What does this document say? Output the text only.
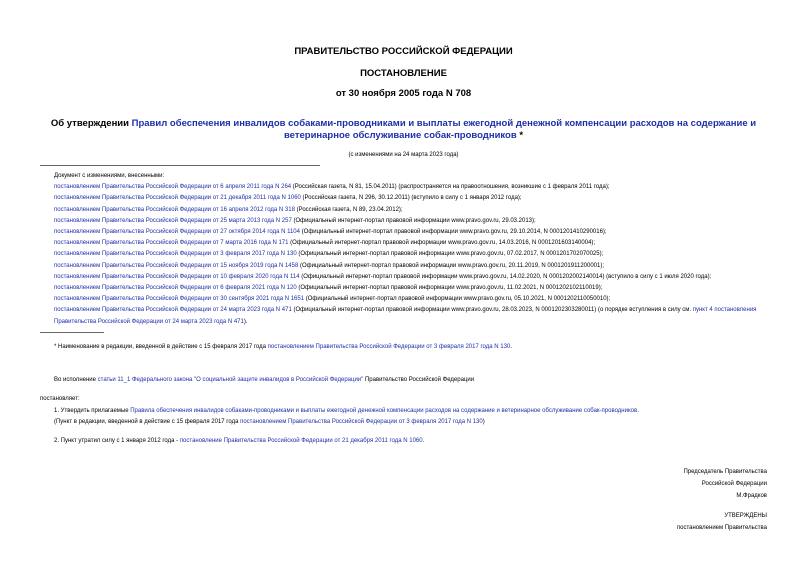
ПРАВИТЕЛЬСТВО РОССИЙСКОЙ ФЕДЕРАЦИИ
ПОСТАНОВЛЕНИЕ
от 30 ноября 2005 года N 708
Об утверждении Правил обеспечения инвалидов собаками-проводниками и выплаты ежегодной денежной компенсации расходов на содержание и ветеринарное обслуживание собак-проводников *
(с изменениями на 24 марта 2023 года)
Документ с изменениями, внесенными:
постановлением Правительства Российской Федерации от 6 апреля 2011 года N 264 (Российская газета, N 81, 15.04.2011) (распространяется на правоотношения, возникшие с 1 февраля 2011 года);
постановлением Правительства Российской Федерации от 21 декабря 2011 года N 1060 (Российская газета, N 296, 30.12.2011) (вступило в силу с 1 января 2012 года);
постановлением Правительства Российской Федерации от 16 апреля 2012 года N 318 (Российская газета, N 89, 23.04.2012);
постановлением Правительства Российской Федерации от 25 марта 2013 года N 257 (Официальный интернет-портал правовой информации www.pravo.gov.ru, 29.03.2013);
постановлением Правительства Российской Федерации от 27 октября 2014 года N 1104 (Официальный интернет-портал правовой информации www.pravo.gov.ru, 29.10.2014, N 0001201410290016);
постановлением Правительства Российской Федерации от 7 марта 2016 года N 171 (Официальный интернет-портал правовой информации www.pravo.gov.ru, 14.03.2016, N 0001201603140004);
постановлением Правительства Российской Федерации от 3 февраля 2017 года N 130 (Официальный интернет-портал правовой информации www.pravo.gov.ru, 07.02.2017, N 0001201702070025);
постановлением Правительства Российской Федерации от 15 ноября 2019 года N 1458 (Официальный интернет-портал правовой информации www.pravo.gov.ru, 20.11.2019, N 0001201911200001);
постановлением Правительства Российской Федерации от 10 февраля 2020 года N 114 (Официальный интернет-портал правовой информации www.pravo.gov.ru, 14.02.2020, N 0001202002140014) (вступило в силу с 1 июля 2020 года);
постановлением Правительства Российской Федерации от 6 февраля 2021 года N 120 (Официальный интернет-портал правовой информации www.pravo.gov.ru, 11.02.2021, N 0001202102110019);
постановлением Правительства Российской Федерации от 30 сентября 2021 года N 1651 (Официальный интернет-портал правовой информации www.pravo.gov.ru, 05.10.2021, N 0001202110050010);
постановлением Правительства Российской Федерации от 24 марта 2023 года N 471 (Официальный интернет-портал правовой информации www.pravo.gov.ru, 28.03.2023, N 0001202303280011) (о порядке вступления в силу см. пункт 4 постановления Правительства Российской Федерации от 24 марта 2023 года N 471).
* Наименование в редакции, введенной в действие с 15 февраля 2017 года постановлением Правительства Российской Федерации от 3 февраля 2017 года N 130.
Во исполнение статьи 11_1 Федерального закона "О социальной защите инвалидов в Российской Федерации" Правительство Российской Федерации
постановляет:
1. Утвердить прилагаемые Правила обеспечения инвалидов собаками-проводниками и выплаты ежегодной денежной компенсации расходов на содержание и ветеринарное обслуживание собак-проводников.
(Пункт в редакции, введенной в действие с 15 февраля 2017 года постановлением Правительства Российской Федерации от 3 февраля 2017 года N 130)
2. Пункт утратил силу с 1 января 2012 года - постановление Правительства Российской Федерации от 21 декабря 2011 года N 1060.
Председатель Правительства
Российской Федерации
М.Фрадков
УТВЕРЖДЕНЫ
постановлением Правительства
